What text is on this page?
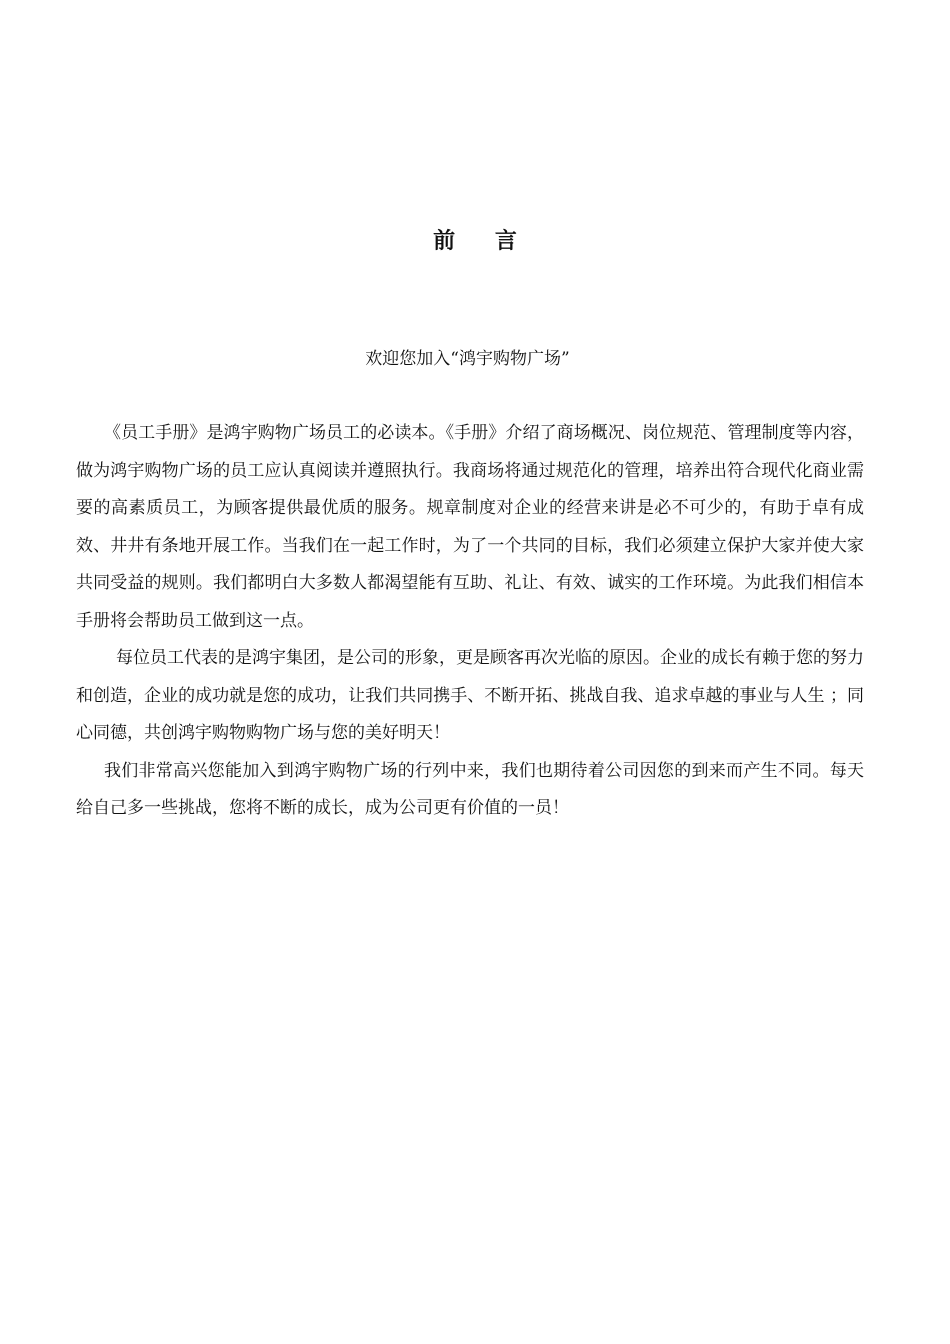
前 言

欢迎您加入“鸿宇购物广场”

《员工手册》是鸿宇购物广场员工的必读本。《手册》介绍了商场概况、岗位规范、管理制度等内容，做为鸿宇购物广场的员工应认真阅读并遵照执行。我商场将通过规范化的管理，培养出符合现代化商业需要的高素质员工，为顾客提供最优质的服务。规章制度对企业的经营来讲是必不可少的，有助于卓有成效、井井有条地开展工作。当我们在一起工作时，为了一个共同的目标，我们必须建立保护大家并使大家共同受益的规则。我们都明白大多数人都渴望能有互助、礼让、有效、诚实的工作环境。为此我们相信本手册将会帮助员工做到这一点。

每位员工代表的是鸿宇集团，是公司的形象，更是顾客再次光临的原因。企业的成长有赖于您的努力和创造，企业的成功就是您的成功，让我们共同携手、不断开拓、挑战自我、追求卓越的事业与人生 ；同心同德，共创鸿宇购物购物广场与您的美好明天！

我们非常高兴您能加入到鸿宇购物广场的行列中来，我们也期待着公司因您的到来而产生不同。每天给自己多一些挑战，您将不断的成长，成为公司更有价值的一员！
